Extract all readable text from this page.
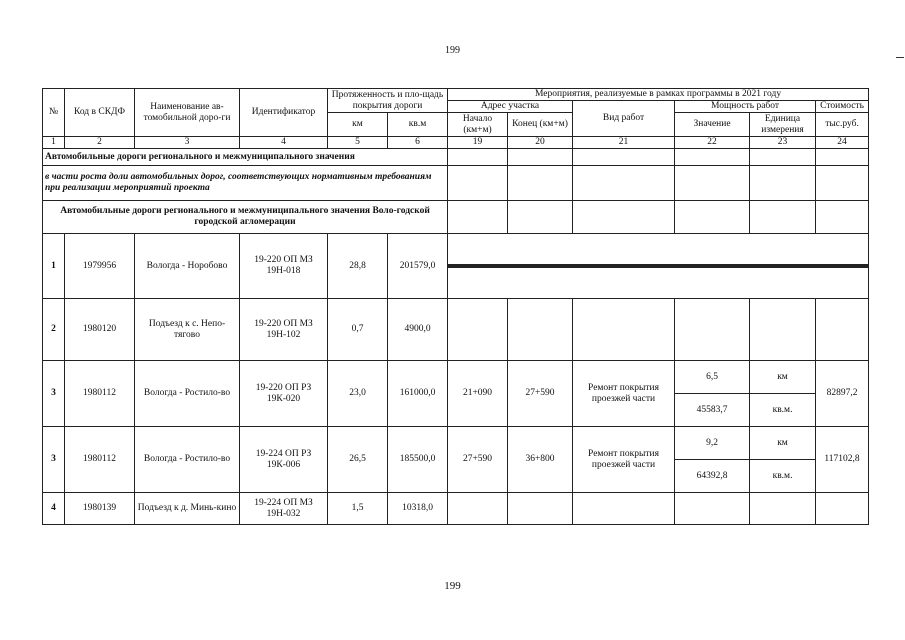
199
№	Код в СКДФ	Наименование ав-томобильной доро-ги	Идентификатор	Протяженность и пло-щадь покрытия дороги		Мероприятия, реализуемые в рамках программы в 2021 году					
						Адрес участка		Вид работ	Мощность работ		Стоимость
				км	кв.м	Начало (км+м)	Конец (км+м)		Значение	Единица измерения	тыс.руб.
1	2	3	4	5	6	19	20	21	22	23	24
Автомобильные дороги регионального и межмуниципального значения											
в части роста доли автомобильных дорог, соответствующих нормативным требованиям при реализации мероприятий проекта											
Автомобильные дороги регионального и межмуниципального значения Воло-годской городской агломерации											
1	1979956	Вологда - Норобово	19-220 ОП МЗ 19Н-018	28,8	201579,0						

2	1980120	Подъезд к с. Непо-тягово	19-220 ОП МЗ 19Н-102	0,7	4900,0						
3	1980112	Вологда - Ростило-во	19-220 ОП РЗ 19К-020	23,0	161000,0	21+090	27+590	Ремонт покрытия проезжей части	6,5	км	82897,2
									45583,7	кв.м.	
3	1980112	Вологда - Ростило-во	19-224 ОП РЗ 19К-006	26,5	185500,0	27+590	36+800	Ремонт покрытия проезжей части	9,2	км	117102,8
									64392,8	кв.м.	
4	1980139	Подъезд к д. Минь-кино	19-224 ОП МЗ 19Н-032	1,5	10318,0						
199
